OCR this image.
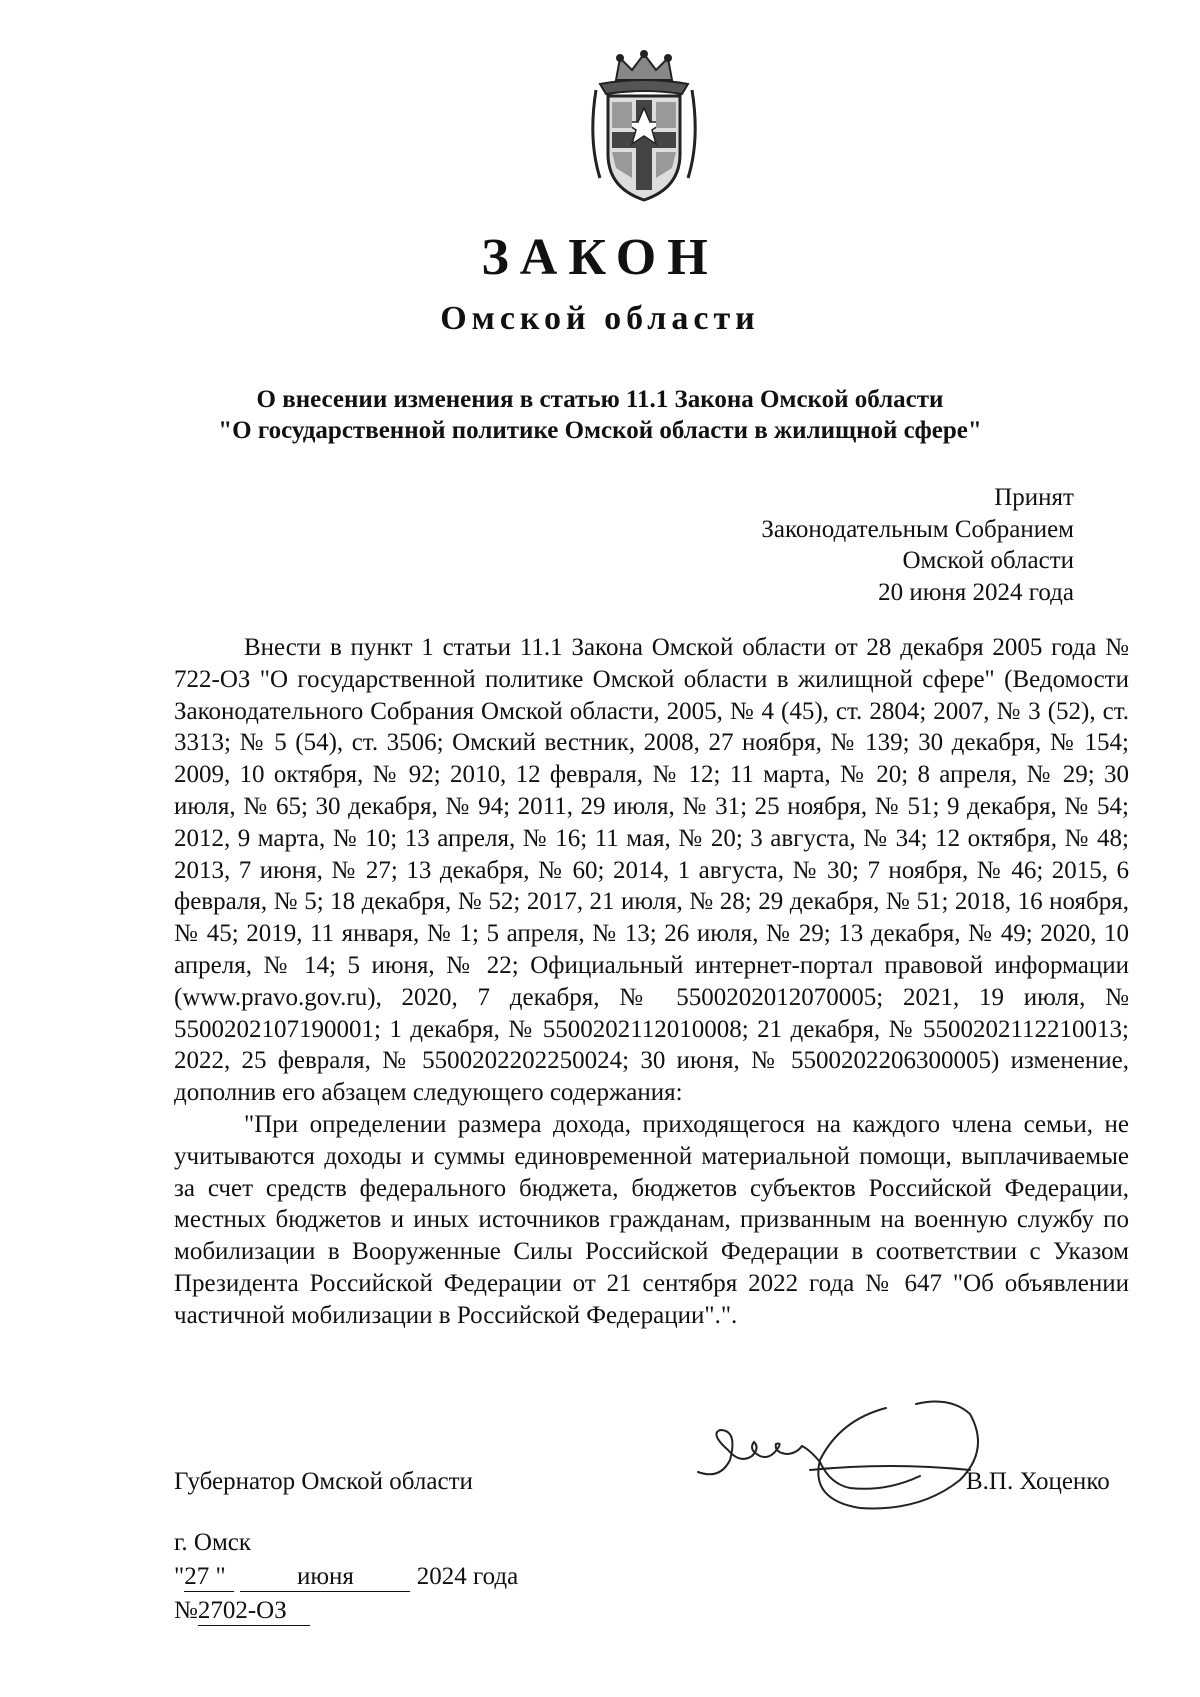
ЗАКОН
Омской области
О внесении изменения в статью 11.1 Закона Омской области
"О государственной политике Омской области в жилищной сфере"
Принят
Законодательным Собранием
Омской области
20 июня 2024 года

Внести в пункт 1 статьи 11.1 Закона Омской области от 28 декабря 2005 года № 722-ОЗ "О государственной политике Омской области в жилищной сфере" (Ведомости Законодательного Собрания Омской области, 2005, № 4 (45), ст. 2804; 2007, № 3 (52), ст. 3313; № 5 (54), ст. 3506; Омский вестник, 2008, 27 ноября, № 139; 30 декабря, № 154; 2009, 10 октября, № 92; 2010, 12 февраля, № 12; 11 марта, № 20; 8 апреля, № 29; 30 июля, № 65; 30 декабря, № 94; 2011, 29 июля, № 31; 25 ноября, № 51; 9 декабря, № 54; 2012, 9 марта, № 10; 13 апреля, № 16; 11 мая, № 20; 3 августа, № 34; 12 октября, № 48; 2013, 7 июня, № 27; 13 декабря, № 60; 2014, 1 августа, № 30; 7 ноября, № 46; 2015, 6 февраля, № 5; 18 декабря, № 52; 2017, 21 июля, № 28; 29 декабря, № 51; 2018, 16 ноября, № 45; 2019, 11 января, № 1; 5 апреля, № 13; 26 июля, № 29; 13 декабря, № 49; 2020, 10 апреля, № 14; 5 июня, № 22; Официальный интернет-портал правовой информации (www.pravo.gov.ru), 2020, 7 декабря, № 5500202012070005; 2021, 19 июля, № 5500202107190001; 1 декабря, № 5500202112010008; 21 декабря, № 5500202112210013; 2022, 25 февраля, № 5500202202250024; 30 июня, № 5500202206300005) изменение, дополнив его абзацем следующего содержания:

"При определении размера дохода, приходящегося на каждого члена семьи, не учитываются доходы и суммы единовременной материальной помощи, выплачиваемые за счет средств федерального бюджета, бюджетов субъектов Российской Федерации, местных бюджетов и иных источников гражданам, призванным на военную службу по мобилизации в Вооруженные Силы Российской Федерации в соответствии с Указом Президента Российской Федерации от 21 сентября 2022 года № 647 "Об объявлении частичной мобилизации в Российской Федерации".".

Губернатор Омской области	В.П. Хоценко
г. Омск
"27 "	июня	2024 года
№2702-ОЗ
